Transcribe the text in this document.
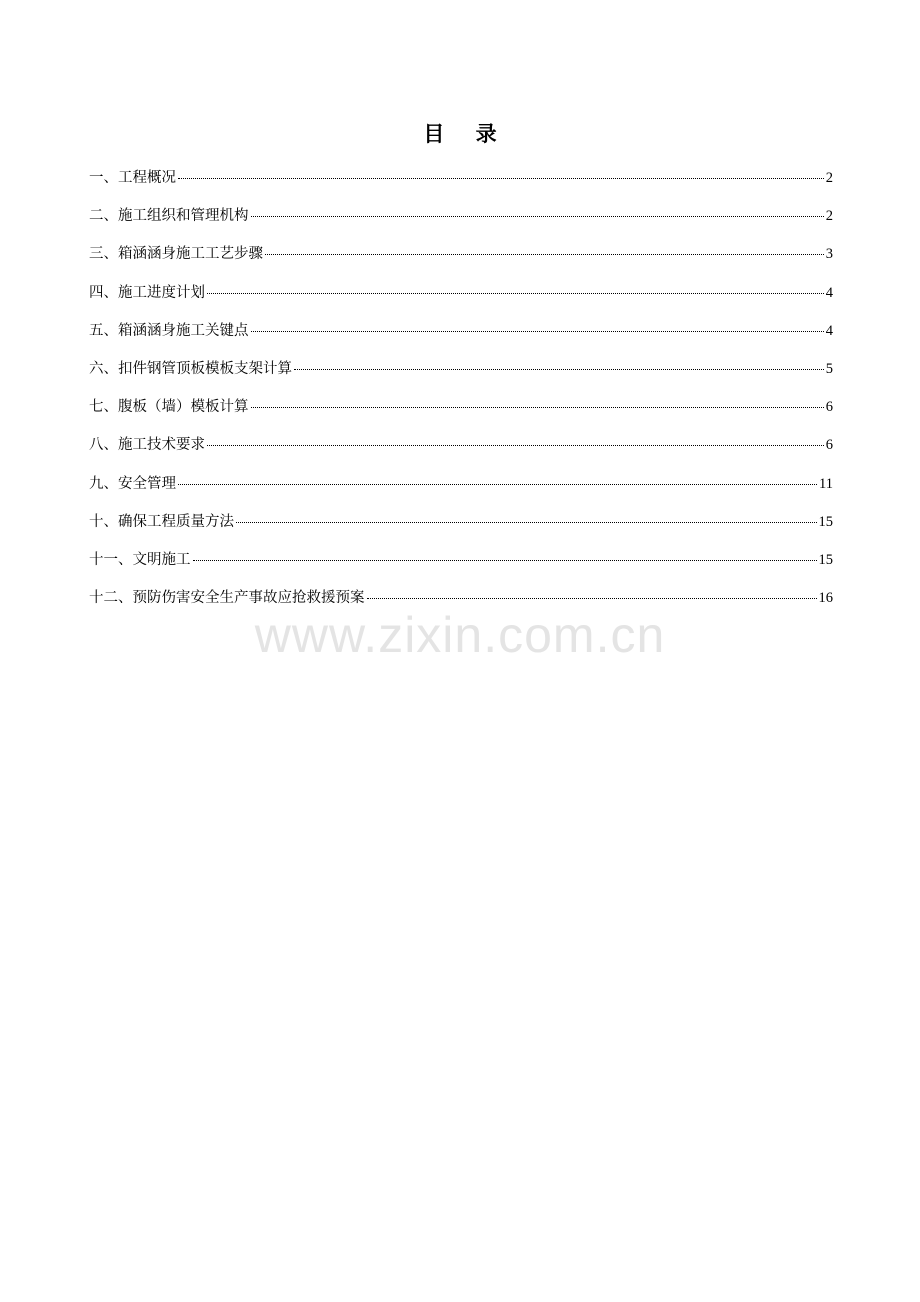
目 录
一、工程概况	2
二、施工组织和管理机构	2
三、箱涵涵身施工工艺步骤	3
四、施工进度计划	4
五、箱涵涵身施工关键点	4
六、扣件钢管顶板模板支架计算	5
七、腹板（墙）模板计算	6
八、施工技术要求	6
九、安全管理	11
十、确保工程质量方法	15
十一、文明施工	15
十二、预防伤害安全生产事故应抢救援预案	16
www.zixin.com.cn
